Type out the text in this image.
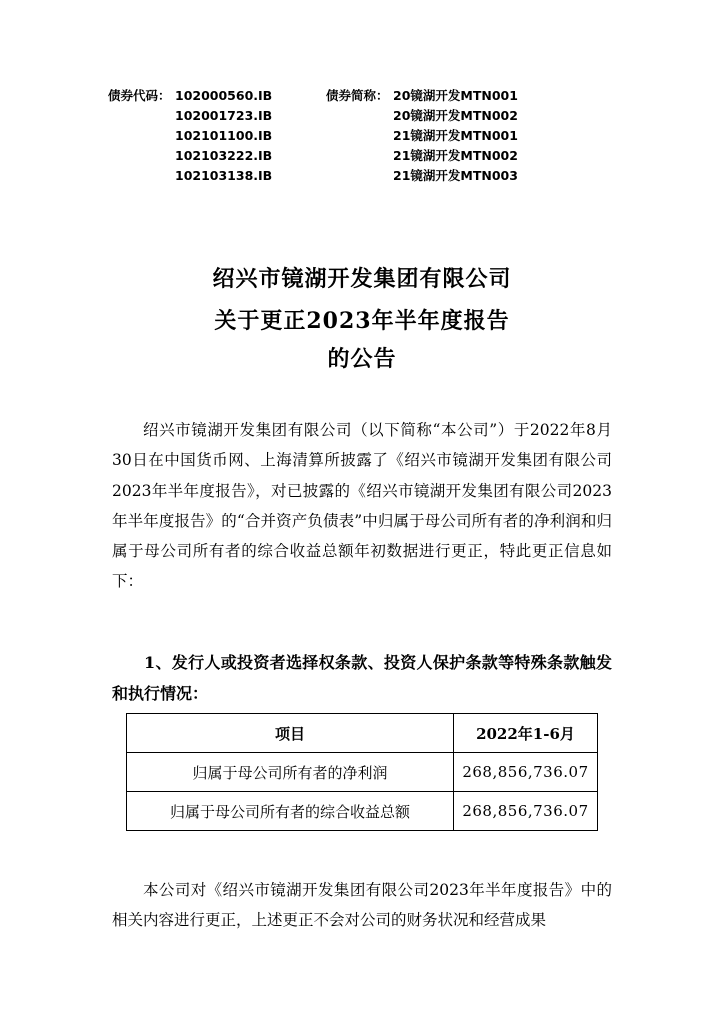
债券代码： 102000560.IB	债券简称： 20镜湖开发MTN001
102001723.IB	20镜湖开发MTN002
102101100.IB	21镜湖开发MTN001
102103222.IB	21镜湖开发MTN002
102103138.IB	21镜湖开发MTN003
绍兴市镜湖开发集团有限公司
关于更正2023年半年度报告
的公告

绍兴市镜湖开发集团有限公司（以下简称“本公司”）于2022年8月30日在中国货币网、上海清算所披露了《绍兴市镜湖开发集团有限公司2023年半年度报告》，对已披露的《绍兴市镜湖开发集团有限公司2023年半年度报告》的“合并资产负债表”中归属于母公司所有者的净利润和归属于母公司所有者的综合收益总额年初数据进行更正，特此更正信息如下：

1、发行人或投资者选择权条款、投资人保护条款等特殊条款触发和执行情况：

项目	2022年1-6月
归属于母公司所有者的净利润	268,856,736.07
归属于母公司所有者的综合收益总额	268,856,736.07

本公司对《绍兴市镜湖开发集团有限公司2023年半年度报告》中的相关内容进行更正，上述更正不会对公司的财务状况和经营成果
